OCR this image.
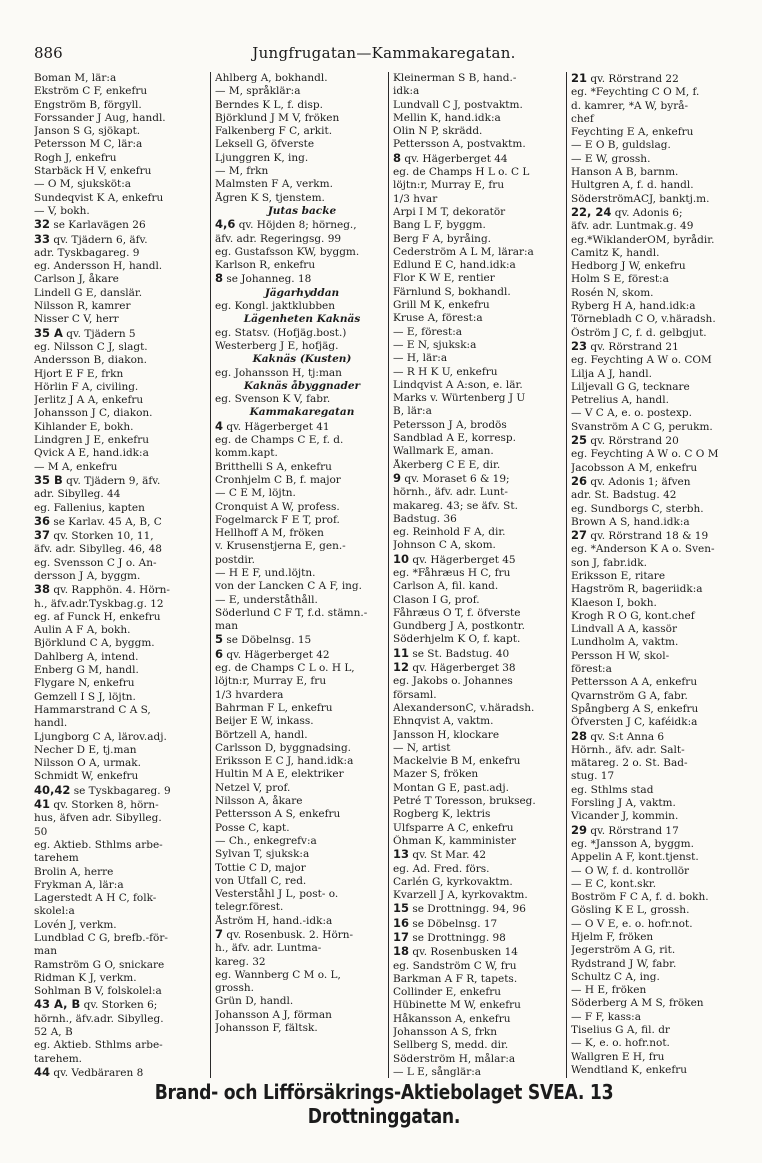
886	Jungfrugatan—Kammakaregatan.
Boman M, lär:a
Ekström C F, enkefru
Engström B, förgyll.
Forssander J Aug, handl.
Janson S G, sjökapt.
Petersson M C, lär:a
Rogh J, enkefru
Starbäck H V, enkefru
— O M, sjuksköt:a
Sundeqvist K A, enkefru
— V, bokh.
32 se Karlavägen 26
33 qv. Tjädern 6, äfv.
adr. Tyskbagareg. 9
eg. Andersson H, handl.
Carlson J, åkare
Lindell G E, danslär.
Nilsson R, kamrer
Nisser C V, herr
35 A qv. Tjädern 5
eg. Nilsson C J, slagt.
Andersson B, diakon.
Hjort E F E, frkn
Hörlin F A, civiling.
Jerlitz J A A, enkefru
Johansson J C, diakon.
Kihlander E, bokh.
Lindgren J E, enkefru
Qvick A E, hand.idk:a
— M A, enkefru
35 B qv. Tjädern 9, äfv.
adr. Sibylleg. 44
eg. Fallenius, kapten
36 se Karlav. 45 A, B, C
37 qv. Storken 10, 11,
äfv. adr. Sibylleg. 46, 48
eg. Svensson C J o. An-
dersson J A, byggm.
38 qv. Rapphön. 4. Hörn-
h., äfv.adr.Tyskbag.g. 12
eg. af Funck H, enkefru
Aulin A F A, bokh.
Björklund C A, byggm.
Dahlberg A, intend.
Enberg G M, handl.
Flygare N, enkefru
Gemzell I S J, löjtn.
Hammarstrand C A S,
handl.
Ljungborg C A, lärov.adj.
Necher D E, tj.man
Nilsson O A, urmak.
Schmidt W, enkefru
40,42 se Tyskbagareg. 9
41 qv. Storken 8, hörn-
hus, äfven adr. Sibylleg.
50
eg. Aktieb. Sthlms arbe-
tarehem
Brolin A, herre
Frykman A, lär:a
Lagerstedt A H C, folk-
skolel:a
Lovén J, verkm.
Lundblad C G, brefb.-för-
man
Ramström G O, snickare
Ridman K J, verkm.
Sohlman B V, folskolel:a
43 A, B qv. Storken 6;
hörnh., äfv.adr. Sibylleg.
52 A, B
eg. Aktieb. Sthlms arbe-
tarehem.
44 qv. Vedbäraren 8
Ahlberg A, bokhandl.
— M, språklär:a
Berndes K L, f. disp.
Björklund J M V, fröken
Falkenberg F C, arkit.
Leksell G, öfverste
Ljunggren K, ing.
— M, frkn
Malmsten F A, verkm.
Ågren K S, tjenstem.
Jutas backe
4,6 qv. Höjden 8; hörneg.,
äfv. adr. Regeringsg. 99
eg. Gustafsson KW, byggm.
Karlson R, enkefru
8 se Johanneg. 18
Jägarhyddan
eg. Kongl. jaktklubben
Lägenheten Kaknäs
eg. Statsv. (Hofjäg.bost.)
Westerberg J E, hofjäg.
Kaknäs (Kusten)
eg. Johansson H, tj:man
Kaknäs åbyggnader
eg. Svenson K V, fabr.
Kammakaregatan
4 qv. Hägerberget 41
eg. de Champs C E, f. d.
komm.kapt.
Britthelli S A, enkefru
Cronhjelm C B, f. major
— C E M, löjtn.
Cronquist A W, profess.
Fogelmarck F E T, prof.
Hellhoff A M, fröken
v. Krusenstjerna E, gen.-
postdir.
— H E F, und.löjtn.
von der Lancken C A F, ing.
— E, underståthåll.
Söderlund C F T, f.d. stämn.-
man
5 se Döbelnsg. 15
6 qv. Hägerberget 42
eg. de Champs C L o. H L,
löjtn:r, Murray E, fru
1/3 hvardera
Bahrman F L, enkefru
Beijer E W, inkass.
Börtzell A, handl.
Carlsson D, byggnadsing.
Eriksson E C J, hand.idk:a
Hultin M A E, elektriker
Netzel V, prof.
Nilsson A, åkare
Pettersson A S, enkefru
Posse C, kapt.
— Ch., enkegrefv:a
Sylvan T, sjuksk:a
Tottie C D, major
von Utfall C, red.
Vesterståhl J L, post- o.
telegr.förest.
Åström H, hand.-idk:a
7 qv. Rosenbusk. 2. Hörn-
h., äfv. adr. Luntma-
kareg. 32
eg. Wannberg C M o. L,
grossh.
Grün D, handl.
Johansson A J, förman
Johansson F, fältsk.
Kleinerman S B, hand.-
idk:a
Lundvall C J, postvaktm.
Mellin K, hand.idk:a
Olin N P, skrädd.
Pettersson A, postvaktm.
8 qv. Hägerberget 44
eg. de Champs H L o. C L
löjtn:r, Murray E, fru
1/3 hvar
Arpi I M T, dekoratör
Bang L F, byggm.
Berg F A, byråing.
Cederström A L M, lärar:a
Edlund E C, hand.idk:a
Flor K W E, rentier
Färnlund S, bokhandl.
Grill M K, enkefru
Kruse A, förest:a
— E, förest:a
— E N, sjuksk:a
— H, lär:a
— R H K U, enkefru
Lindqvist A A:son, e. lär.
Marks v. Würtenberg J U
B, lär:a
Petersson J A, brodös
Sandblad A E, korresp.
Wallmark E, aman.
Åkerberg C E E, dir.
9 qv. Moraset 6 & 19;
hörnh., äfv. adr. Lunt-
makareg. 43; se äfv. St.
Badstug. 36
eg. Reinhold F A, dir.
Johnson C A, skom.
10 qv. Hägerberget 45
eg. *Fåhræus H C, fru
Carlson A, fil. kand.
Clason I G, prof.
Fåhræus O T, f. öfverste
Gundberg J A, postkontr.
Söderhjelm K O, f. kapt.
11 se St. Badstug. 40
12 qv. Hägerberget 38
eg. Jakobs o. Johannes
församl.
AlexandersonC, v.häradsh.
Ehnqvist A, vaktm.
Jansson H, klockare
— N, artist
Mackelvie B M, enkefru
Mazer S, fröken
Montan G E, past.adj.
Petré T Toresson, brukseg.
Rogberg K, lektris
Ulfsparre A C, enkefru
Öhman K, kamminister
13 qv. St Mar. 42
eg. Ad. Fred. förs.
Carlén G, kyrkovaktm.
Kvarzell J A, kyrkovaktm.
15 se Drottningg. 94, 96
16 se Döbelnsg. 17
17 se Drottningg. 98
18 qv. Rosenbusken 14
eg. Sandström C W, fru
Barkman A F R, tapets.
Collinder E, enkefru
Hübinette M W, enkefru
Håkansson A, enkefru
Johansson A S, frkn
Sellberg S, medd. dir.
Söderström H, målar:a
— L E, sånglär:a
21 qv. Rörstrand 22
eg. *Feychting C O M, f.
d. kamrer, *A W, byrå-
chef
Feychting E A, enkefru
— E O B, guldslag.
— E W, grossh.
Hanson A B, barnm.
Hultgren A, f. d. handl.
SöderströmACJ, banktj.m.
22, 24 qv. Adonis 6;
äfv. adr. Luntmak.g. 49
eg.*WiklanderOM, byrådir.
Camitz K, handl.
Hedborg J W, enkefru
Holm S E, förest:a
Rosén N, skom.
Ryberg H A, hand.idk:a
Törnebladh C O, v.häradsh.
Öström J C, f. d. gelbgjut.
23 qv. Rörstrand 21
eg. Feychting A W o. COM
Lilja A J, handl.
Liljevall G G, tecknare
Petrelius A, handl.
— V C A, e. o. postexp.
Svanström A C G, perukm.
25 qv. Rörstrand 20
eg. Feychting A W o. C O M
Jacobsson A M, enkefru
26 qv. Adonis 1; äfven
adr. St. Badstug. 42
eg. Sundborgs C, sterbh.
Brown A S, hand.idk:a
27 qv. Rörstrand 18 & 19
eg. *Anderson K A o. Sven-
son J, fabr.idk.
Eriksson E, ritare
Hagström R, bageriidk:a
Klaeson I, bokh.
Krogh R O G, kont.chef
Lindvall A A, kassör
Lundholm A, vaktm.
Persson H W, skol-
förest:a
Pettersson A A, enkefru
Qvarnström G A, fabr.
Spångberg A S, enkefru
Öfversten J C, kaféidk:a
28 qv. S:t Anna 6
Hörnh., äfv. adr. Salt-
mätareg. 2 o. St. Bad-
stug. 17
eg. Sthlms stad
Forsling J A, vaktm.
Vicander J, kommin.
29 qv. Rörstrand 17
eg. *Jansson A, byggm.
Appelin A F, kont.tjenst.
— O W, f. d. kontrollör
— E C, kont.skr.
Boström F C A, f. d. bokh.
Gösling K E L, grossh.
— O V E, e. o. hofr.not.
Hjelm F, fröken
Jegerström A G, rit.
Rydstrand J W, fabr.
Schultz C A, ing.
— H E, fröken
Söderberg A M S, fröken
— F F, kass:a
Tiselius G A, fil. dr
— K, e. o. hofr.not.
Wallgren E H, fru
Wendtland K, enkefru
Brand- och Lifförsäkrings-Aktiebolaget SVEA. 13 Drottninggatan.
